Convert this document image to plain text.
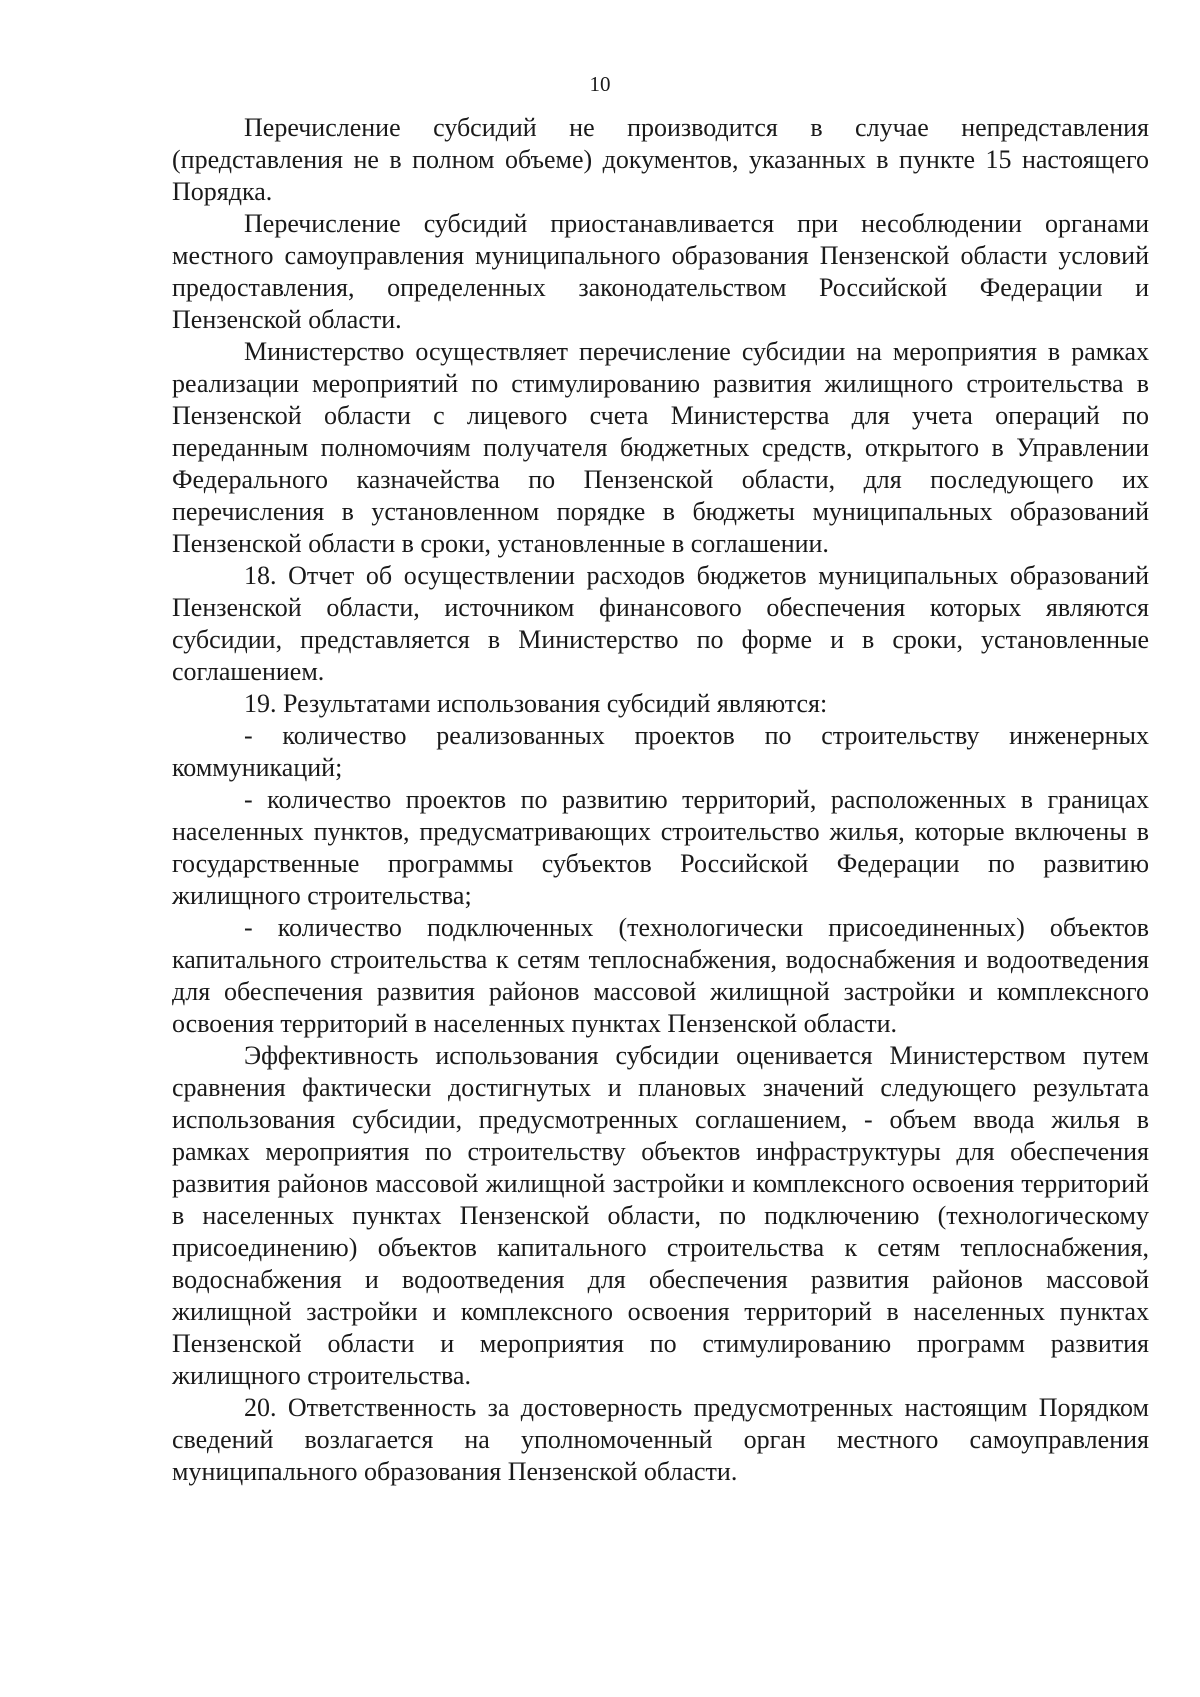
10

Перечисление субсидий не производится в случае непредставления (представления не в полном объеме) документов, указанных в пункте 15 настоящего Порядка.

Перечисление субсидий приостанавливается при несоблюдении органами местного самоуправления муниципального образования Пензенской области условий предоставления, определенных законодательством Российской Федерации и Пензенской области.

Министерство осуществляет перечисление субсидии на мероприятия в рамках реализации мероприятий по стимулированию развития жилищного строительства в Пензенской области с лицевого счета Министерства для учета операций по переданным полномочиям получателя бюджетных средств, открытого в Управлении Федерального казначейства по Пензенской области, для последующего их перечисления в установленном порядке в бюджеты муниципальных образований Пензенской области в сроки, установленные в соглашении.

18. Отчет об осуществлении расходов бюджетов муниципальных образований Пензенской области, источником финансового обеспечения которых являются субсидии, представляется в Министерство по форме и в сроки, установленные соглашением.

19. Результатами использования субсидий являются:

- количество реализованных проектов по строительству инженерных коммуникаций;

- количество проектов по развитию территорий, расположенных в границах населенных пунктов, предусматривающих строительство жилья, которые включены в государственные программы субъектов Российской Федерации по развитию жилищного строительства;

- количество подключенных (технологически присоединенных) объектов капитального строительства к сетям теплоснабжения, водоснабжения и водоотведения для обеспечения развития районов массовой жилищной застройки и комплексного освоения территорий в населенных пунктах Пензенской области.

Эффективность использования субсидии оценивается Министерством путем сравнения фактически достигнутых и плановых значений следующего результата использования субсидии, предусмотренных соглашением, - объем ввода жилья в рамках мероприятия по строительству объектов инфраструктуры для обеспечения развития районов массовой жилищной застройки и комплексного освоения территорий в населенных пунктах Пензенской области, по подключению (технологическому присоединению) объектов капитального строительства к сетям теплоснабжения, водоснабжения и водоотведения для обеспечения развития районов массовой жилищной застройки и комплексного освоения территорий в населенных пунктах Пензенской области и мероприятия по стимулированию программ развития жилищного строительства.

20. Ответственность за достоверность предусмотренных настоящим Порядком сведений возлагается на уполномоченный орган местного самоуправления муниципального образования Пензенской области.
